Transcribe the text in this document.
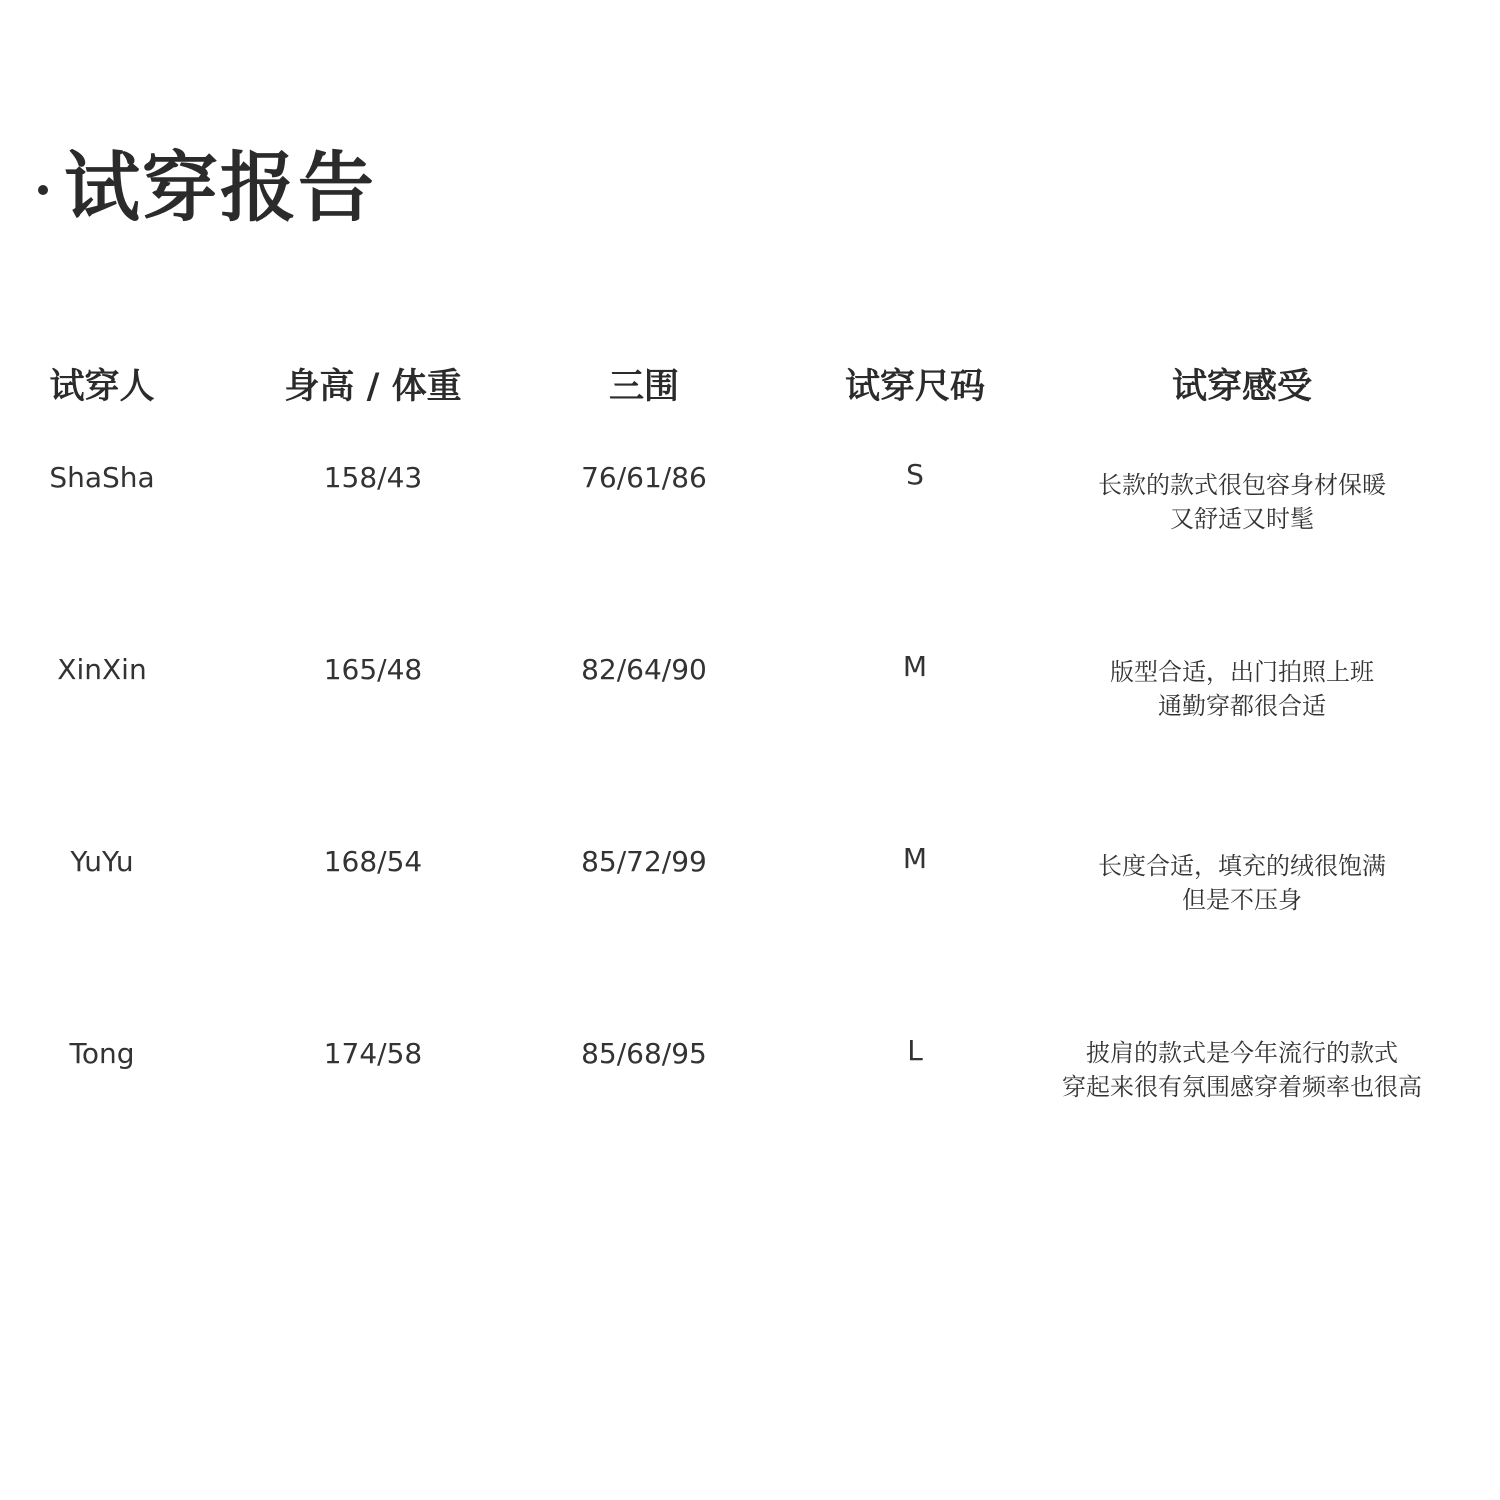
试穿报告
试穿人	身高 / 体重	三围	试穿尺码	试穿感受
ShaSha	158/43	76/61/86	S	长款的款式很包容身材保暖
又舒适又时髦
XinXin	165/48	82/64/90	M	版型合适，出门拍照上班
通勤穿都很合适
YuYu	168/54	85/72/99	M	长度合适，填充的绒很饱满
但是不压身
Tong	174/58	85/68/95	L	披肩的款式是今年流行的款式
穿起来很有氛围感穿着频率也很高
